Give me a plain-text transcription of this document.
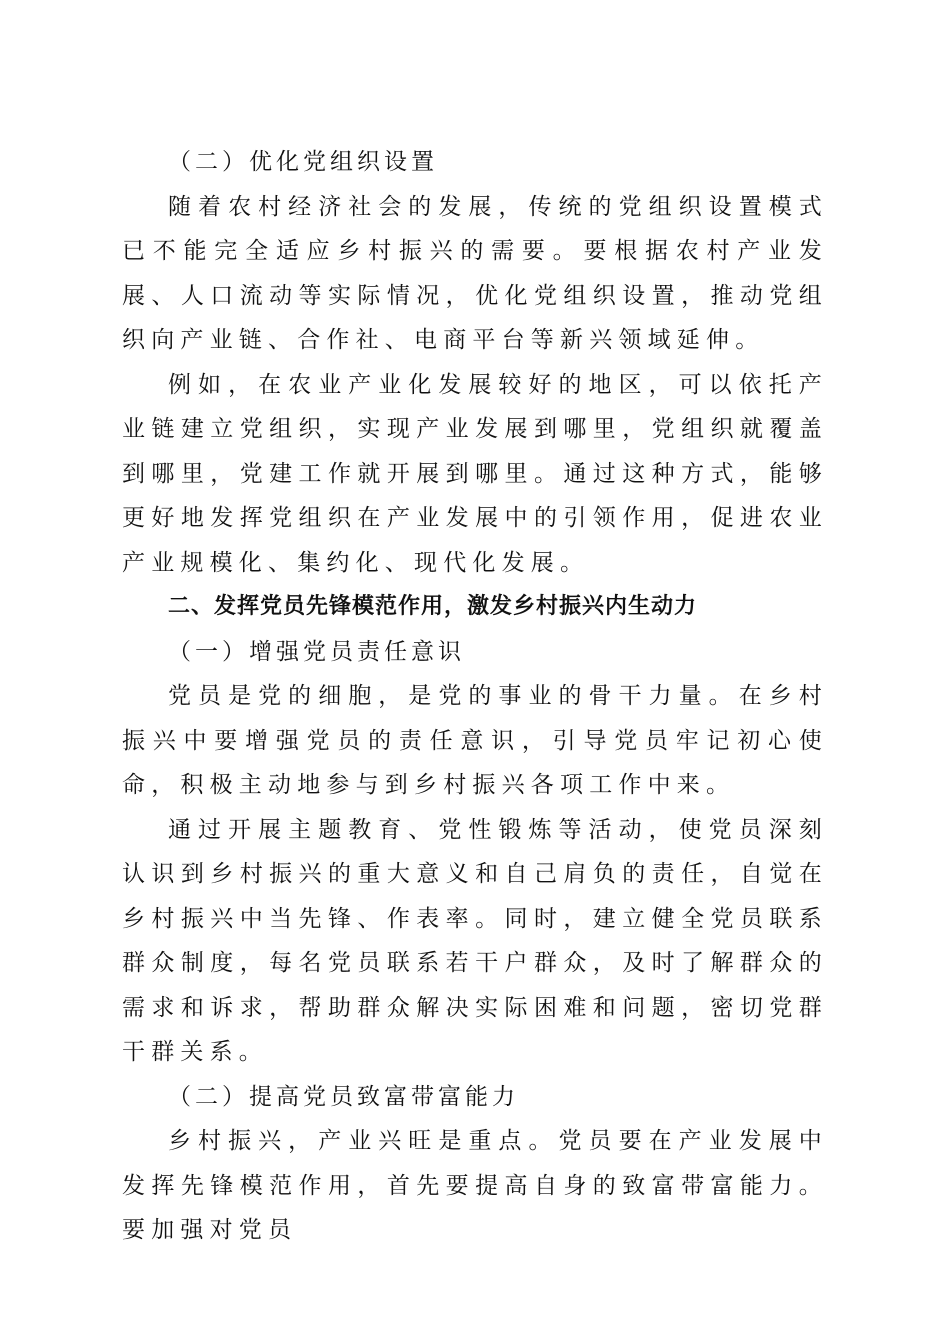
（二）优化党组织设置

随着农村经济社会的发展，传统的党组织设置模式已不能完全适应乡村振兴的需要。要根据农村产业发展、人口流动等实际情况，优化党组织设置，推动党组织向产业链、合作社、电商平台等新兴领域延伸。

例如，在农业产业化发展较好的地区，可以依托产业链建立党组织，实现产业发展到哪里，党组织就覆盖到哪里，党建工作就开展到哪里。通过这种方式，能够更好地发挥党组织在产业发展中的引领作用，促进农业产业规模化、集约化、现代化发展。

二、发挥党员先锋模范作用，激发乡村振兴内生动力

（一）增强党员责任意识

党员是党的细胞，是党的事业的骨干力量。在乡村振兴中要增强党员的责任意识，引导党员牢记初心使命，积极主动地参与到乡村振兴各项工作中来。

通过开展主题教育、党性锻炼等活动，使党员深刻认识到乡村振兴的重大意义和自己肩负的责任，自觉在乡村振兴中当先锋、作表率。同时，建立健全党员联系群众制度，每名党员联系若干户群众，及时了解群众的需求和诉求，帮助群众解决实际困难和问题，密切党群干群关系。

（二）提高党员致富带富能力

乡村振兴，产业兴旺是重点。党员要在产业发展中发挥先锋模范作用，首先要提高自身的致富带富能力。要加强对党员
